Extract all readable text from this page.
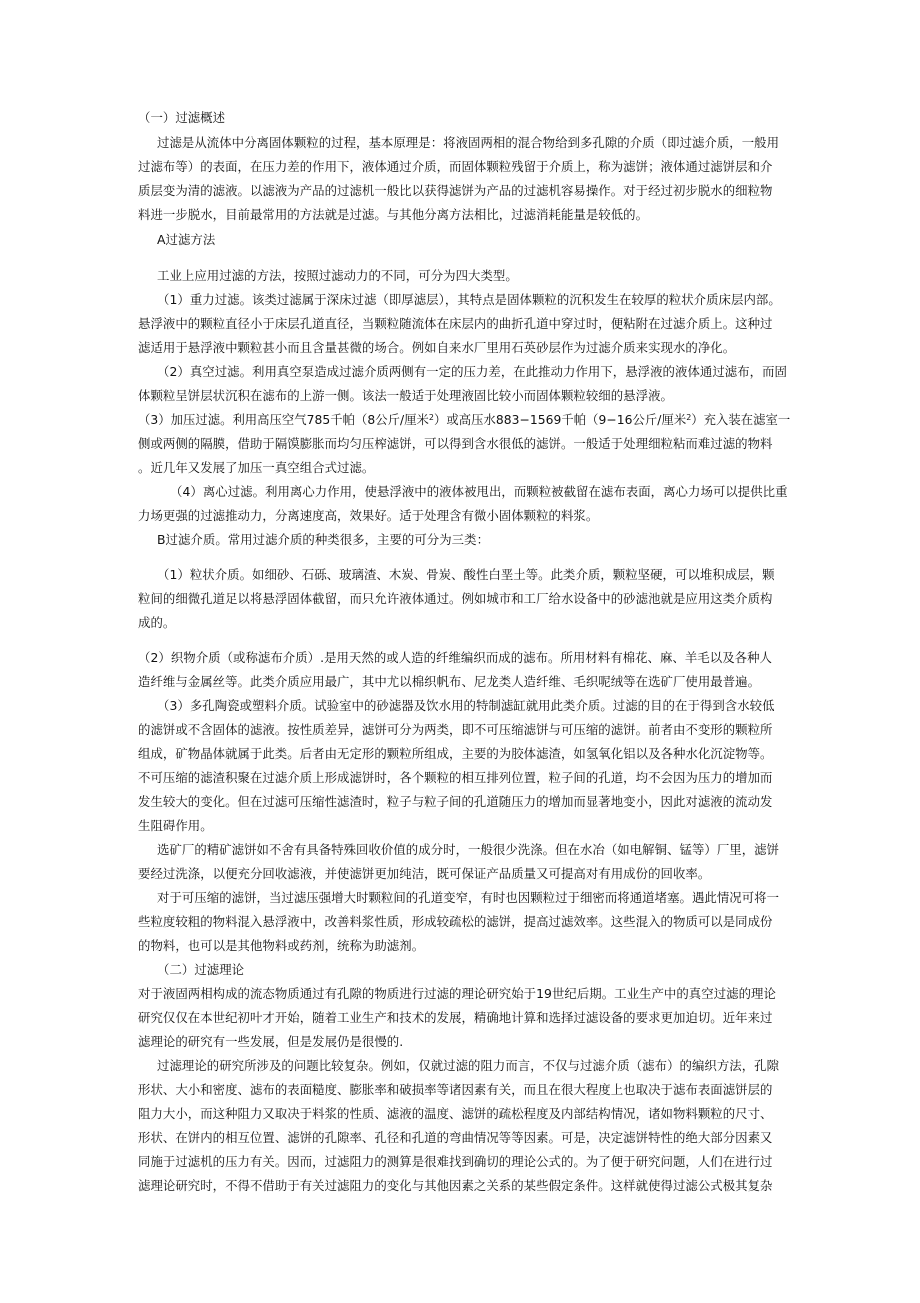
（一）过滤概述

过滤是从流体中分离固体颗粒的过程，基本原理是：将液固两相的混合物给到多孔隙的介质（即过滤介质，一般用

过滤布等）的表面，在压力差的作用下，液体通过介质，而固体颗粒残留于介质上，称为滤饼；液体通过滤饼层和介

质层变为清的滤液。以滤液为产品的过滤机一般比以获得滤饼为产品的过滤机容易操作。对于经过初步脱水的细粒物

料进一步脱水，目前最常用的方法就是过滤。与其他分离方法相比，过滤消耗能量是较低的。

A过滤方法

工业上应用过滤的方法，按照过滤动力的不同，可分为四大类型。

（1）重力过滤。该类过滤属于深床过滤（即厚滤层），其特点是固体颗粒的沉积发生在较厚的粒状介质床层内部。

悬浮液中的颗粒直径小于床层孔道直径，当颗粒随流体在床层内的曲折孔道中穿过时，便粘附在过滤介质上。这种过

滤适用于悬浮液中颗粒甚小而且含量甚微的场合。例如自来水厂里用石英砂层作为过滤介质来实现水的净化。

（2）真空过滤。利用真空泵造成过滤介质两侧有一定的压力差，在此推动力作用下，悬浮液的液体通过滤布，而固

体颗粒呈饼层状沉积在滤布的上游一侧。该法一般适于处理液固比较小而固体颗粒较细的悬浮液。

（3）加压过滤。利用高压空气785千帕（8公斤/厘米$^2$）或高压水883−1569千帕（9−16公斤/厘米$^2$）充入装在滤室一

侧或两侧的隔膜，借助于隔馍膨胀而均匀压榨滤饼，可以得到含水很低的滤饼。一般适于处理细粒粘而难过滤的物料

。近几年又发展了加压一真空组合式过滤。

（4）离心过滤。利用离心力作用，使悬浮液中的液体被甩出，而颗粒被截留在滤布表面，离心力场可以提供比重

力场更强的过滤推动力，分离速度高，效果好。适于处理含有微小固体颗粒的料浆。

B过滤介质。常用过滤介质的种类很多，主要的可分为三类：

（1）粒状介质。如细砂、石砾、玻璃渣、木炭、骨炭、酸性白垩土等。此类介质，颗粒坚硬，可以堆积成层，颗

粒间的细微孔道足以将悬浮固体截留，而只允许液体通过。例如城市和工厂给水设备中的砂滤池就是应用这类介质构

成的。

（2）织物介质（或称滤布介质）.是用天然的或人造的纤维编织而成的滤布。所用材料有棉花、麻、羊毛以及各种人

造纤维与金属丝等。此类介质应用最广，其中尤以棉织帆布、尼龙类人造纤维、毛织呢绒等在选矿厂使用最普遍。

（3）多孔陶瓷或塑料介质。试验室中的砂滤器及饮水用的特制滤缸就用此类介质。过滤的目的在于得到含水较低

的滤饼或不含固体的滤液。按性质差异，滤饼可分为两类，即不可压缩滤饼与可压缩的滤饼。前者由不变形的颗粒所

组成，矿物晶体就属于此类。后者由无定形的颗粒所组成，主要的为胶体滤渣，如氢氧化铝以及各种水化沉淀物等。

不可压缩的滤渣积聚在过滤介质上形成滤饼时，各个颗粒的相互排列位置，粒子间的孔道，均不会因为压力的增加而

发生较大的变化。但在过滤可压缩性滤渣时，粒子与粒子间的孔道随压力的增加而显著地变小，因此对滤液的流动发

生阻碍作用。

选矿厂的精矿滤饼如不舍有具备特殊回收价值的成分时，一般很少洗涤。但在水冶（如电解铜、锰等）厂里，滤饼

要经过洗涤，以便充分回收滤液，并使滤饼更加纯洁，既可保证产品质量又可提高对有用成份的回收率。

对于可压缩的滤饼，当过滤压强增大时颗粒间的孔道变窄，有时也因颗粒过于细密而将通道堵塞。遇此情况可将一

些粒度较粗的物料混入悬浮液中，改善料浆性质，形成较疏松的滤饼，提高过滤效率。这些混入的物质可以是同成份

的物料，也可以是其他物料或药剂，统称为助滤剂。

（二）过滤理论

对于液固两相构成的流态物质通过有孔隙的物质进行过滤的理论研究始于19世纪后期。工业生产中的真空过滤的理论

研究仅仅在本世纪初叶才开始，随着工业生产和技术的发展，精确地计算和选择过滤设备的要求更加迫切。近年来过

滤理论的研究有一些发展，但是发展仍是很慢的.

过滤理论的研究所涉及的问题比较复杂。例如，仅就过滤的阻力而言，不仅与过滤介质（滤布）的编织方法，孔隙

形状、大小和密度、滤布的表面糙度、膨胀率和破损率等诸因素有关，而且在很大程度上也取决于滤布表面滤饼层的

阻力大小，而这种阻力又取决于料浆的性质、滤液的温度、滤饼的疏松程度及内部结构情况，诸如物料颗粒的尺寸、

形状、在饼内的相互位置、滤饼的孔隙率、孔径和孔道的弯曲情况等等因素。可是，决定滤饼特性的绝大部分因素又

同施于过滤机的压力有关。因而，过滤阻力的测算是很难找到确切的理论公式的。为了便于研究问题，人们在进行过

滤理论研究时，不得不借助于有关过滤阻力的变化与其他因素之关系的某些假定条件。这样就使得过滤公式极其复杂
